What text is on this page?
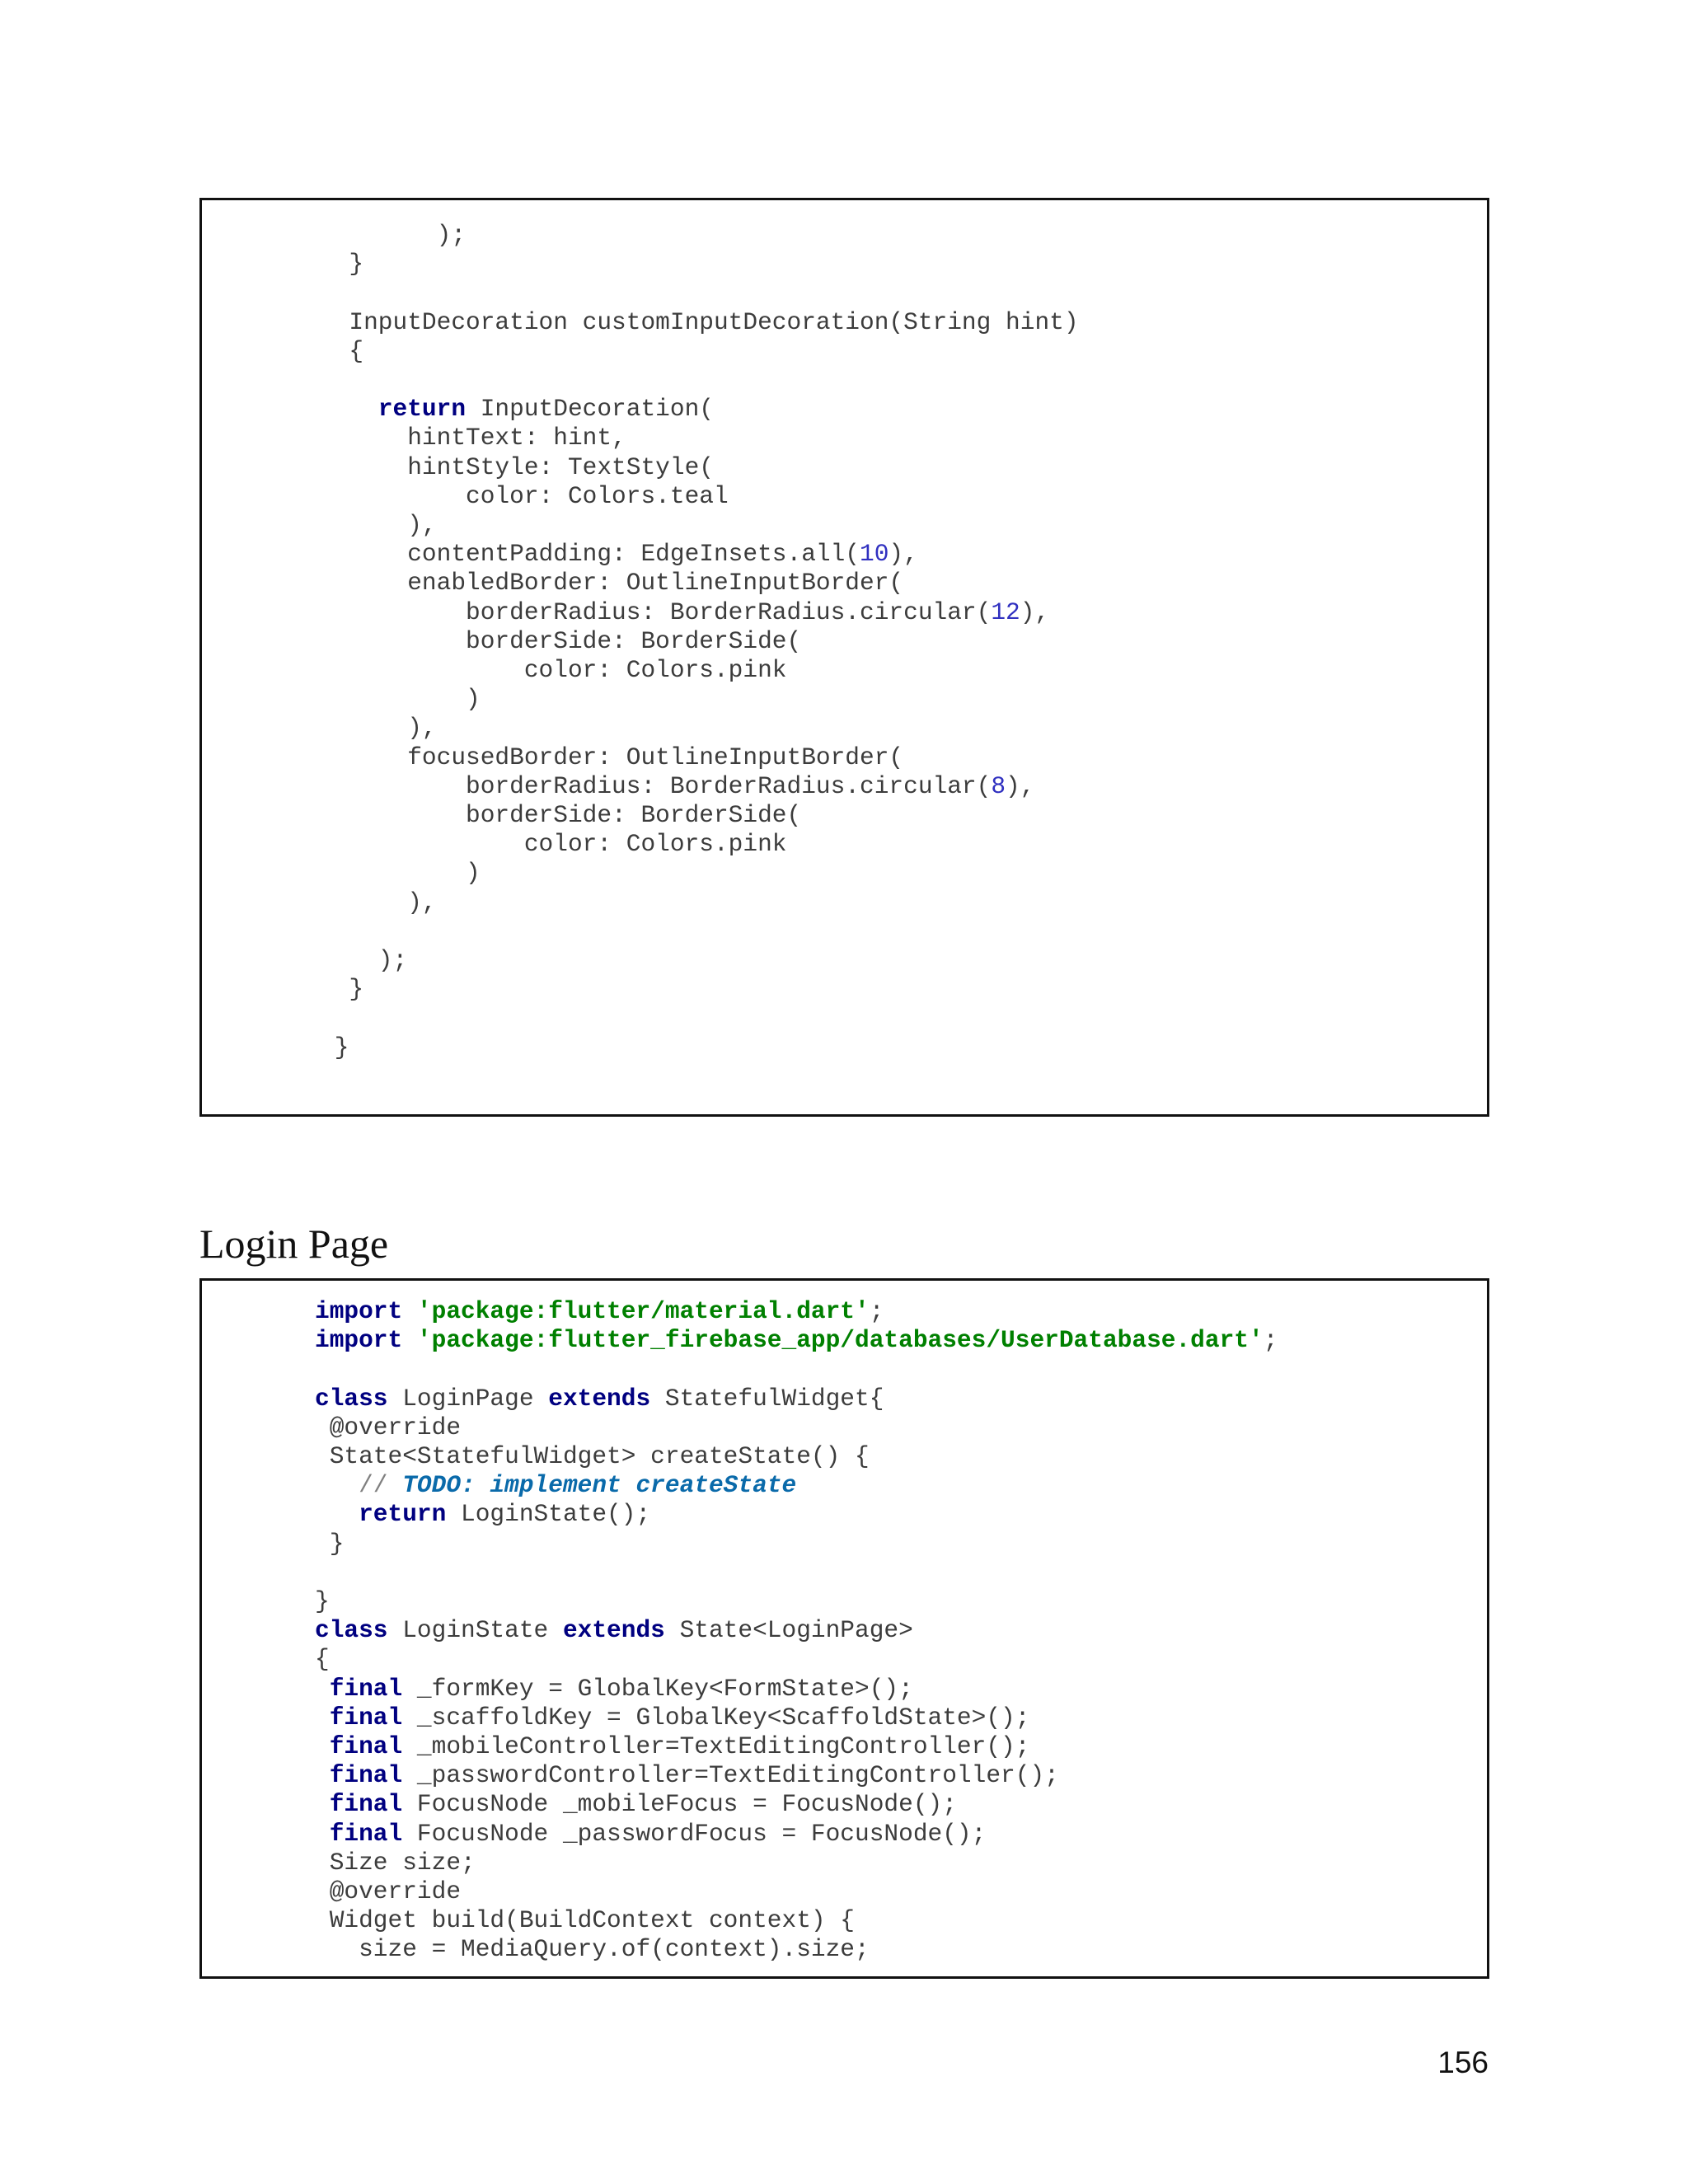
);
}
InputDecoration customInputDecoration(String hint)
{
return InputDecoration(
hintText: hint,
hintStyle: TextStyle(
color: Colors.teal
),
contentPadding: EdgeInsets.all(10),
enabledBorder: OutlineInputBorder(
borderRadius: BorderRadius.circular(12),
borderSide: BorderSide(
color: Colors.pink
)
),
focusedBorder: OutlineInputBorder(
borderRadius: BorderRadius.circular(8),
borderSide: BorderSide(
color: Colors.pink
)
),
);
}
}
Login Page
import 'package:flutter/material.dart';
import 'package:flutter_firebase_app/databases/UserDatabase.dart';
class LoginPage extends StatefulWidget{
@override
State<StatefulWidget> createState() {
// TODO: implement createState
return LoginState();
}
}
class LoginState extends State<LoginPage>
{
final _formKey = GlobalKey<FormState>();
final _scaffoldKey = GlobalKey<ScaffoldState>();
final _mobileController=TextEditingController();
final _passwordController=TextEditingController();
final FocusNode _mobileFocus = FocusNode();
final FocusNode _passwordFocus = FocusNode();
Size size;
@override
Widget build(BuildContext context) {
size = MediaQuery.of(context).size;
156
